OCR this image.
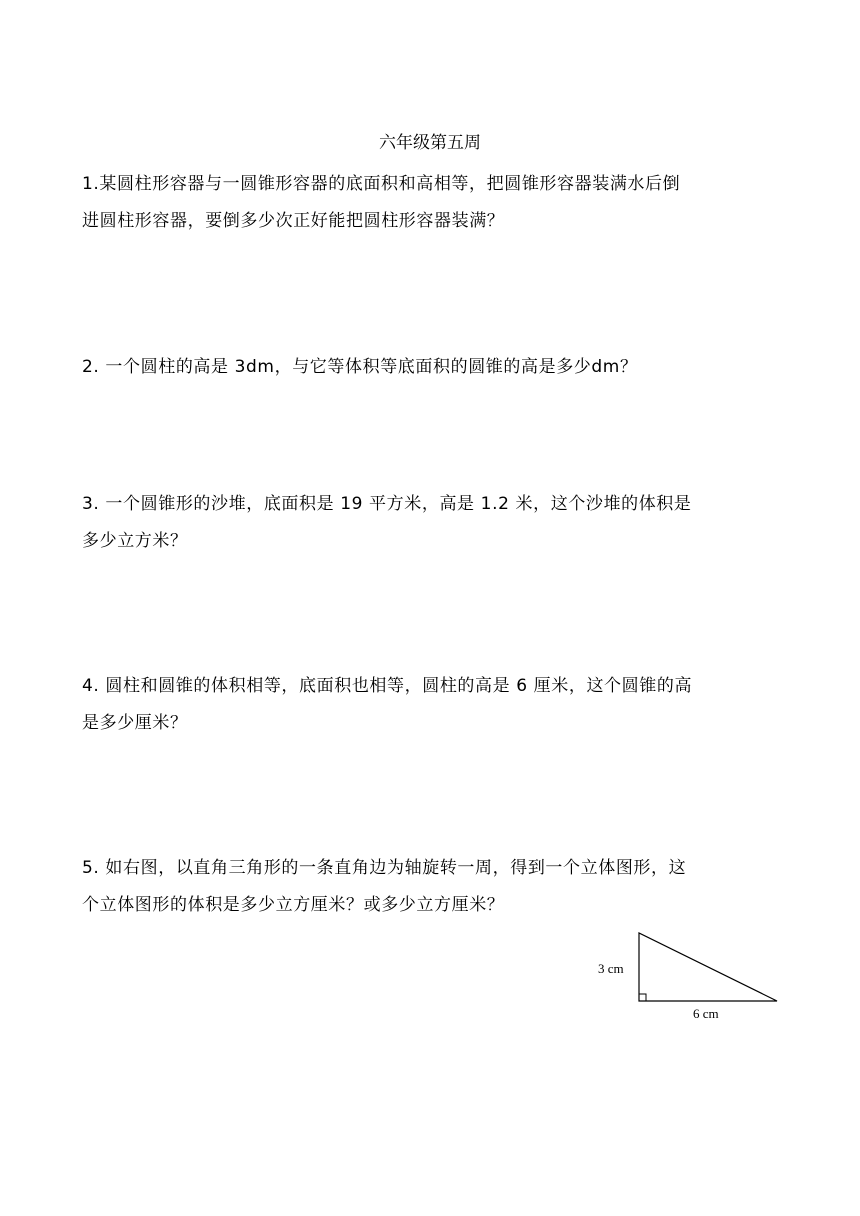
六年级第五周
1.某圆柱形容器与一圆锥形容器的底面积和高相等，把圆锥形容器装满水后倒
进圆柱形容器，要倒多少次正好能把圆柱形容器装满？
2. 一个圆柱的高是 3dm，与它等体积等底面积的圆锥的高是多少dm？
3. 一个圆锥形的沙堆，底面积是 19 平方米，高是 1.2 米，这个沙堆的体积是
多少立方米？
4. 圆柱和圆锥的体积相等，底面积也相等，圆柱的高是 6 厘米，这个圆锥的高
是多少厘米？
5. 如右图，以直角三角形的一条直角边为轴旋转一周，得到一个立体图形，这
个立体图形的体积是多少立方厘米？或多少立方厘米？
3 cm
6 cm
